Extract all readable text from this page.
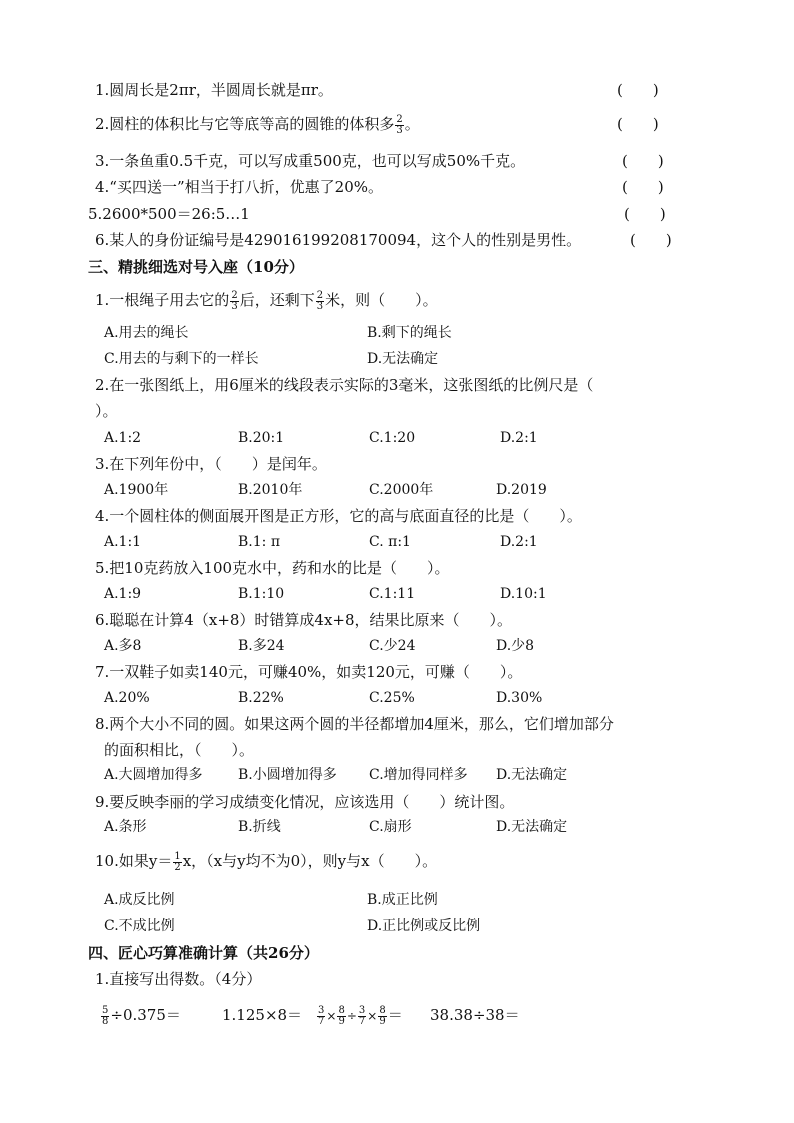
1.圆周长是2πr，半圆周长就是πr。	(　　)
2.圆柱的体积比与它等底等高的圆锥的体积多 $\frac{2}{3}$ 。	(　　)
3.一条鱼重0.5千克，可以写成重500克，也可以写成50%千克。	(　　)
4.“买四送一”相当于打八折，优惠了20%。	(　　)
5.2600*500＝26:5…1	(　　)
6.某人的身份证编号是429016199208170094，这个人的性别是男性。	(　　)
三、精挑细选对号入座（10分）
1.一根绳子用去它的 $\frac{2}{3}$ 后，还剩下 $\frac{2}{3}$ 米，则（　　）。
A.用去的绳长	B.剩下的绳长
C.用去的与剩下的一样长	D.无法确定
2.在一张图纸上，用6厘米的线段表示实际的3毫米，这张图纸的比例尺是（
）。
A.1:2	B.20:1	C.1:20	D.2:1
3.在下列年份中，（　　）是闰年。
A.1900年	B.2010年	C.2000年	D.2019
4.一个圆柱体的侧面展开图是正方形，它的高与底面直径的比是（　　）。
A.1:1	B.1: π	C. π:1	D.2:1
5.把10克药放入100克水中，药和水的比是（　　）。
A.1:9	B.1:10	C.1:11	D.10:1
6.聪聪在计算4（x+8）时错算成4x+8，结果比原来（　　）。
A.多8	B.多24	C.少24	D.少8
7.一双鞋子如卖140元，可赚40%，如卖120元，可赚（　　）。
A.20%	B.22%	C.25%	D.30%
8.两个大小不同的圆。如果这两个圆的半径都增加4厘米，那么，它们增加部分
的面积相比，（　　）。
A.大圆增加得多	B.小圆增加得多 C.增加得同样多 D.无法确定
9.要反映李丽的学习成绩变化情况，应该选用（　　）统计图。
A.条形	B.折线	C.扇形	D.无法确定
10.如果$y= \frac{1}{2}$ x，（x与y均不为0），则y与x（　　）。
A.成反比例	B.成正比例
C.不成比例	D.正比例或反比例
四、匠心巧算准确计算（共26分）
1.直接写出得数。（4分）
$\frac{5}{8} \div 0.375=$	$1.125\times 8= \frac{3}{7} \times \frac{8}{9} \div \frac{3}{7} \times \frac{8}{9} = 38.38\div 38=$
